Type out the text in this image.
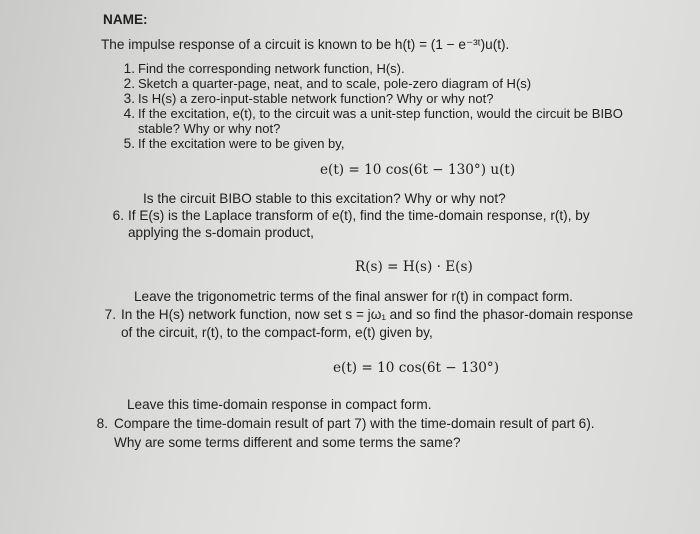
NAME:
The impulse response of a circuit is known to be h(t) = (1 − e⁻³ᵗ)u(t).
1. Find the corresponding network function, H(s).
2. Sketch a quarter-page, neat, and to scale, pole-zero diagram of H(s)
3. Is H(s) a zero-input-stable network function? Why or why not?
4. If the excitation, e(t), to the circuit was a unit-step function, would the circuit be BIBO
stable? Why or why not?
5. If the excitation were to be given by,
e(t) = 10 cos(6t − 130°) u(t)
Is the circuit BIBO stable to this excitation? Why or why not?
6. If E(s) is the Laplace transform of e(t), find the time-domain response, r(t), by
applying the s-domain product,
R(s) = H(s) · E(s)
Leave the trigonometric terms of the final answer for r(t) in compact form.
7. In the H(s) network function, now set s = jω₁ and so find the phasor-domain response
of the circuit, r(t), to the compact-form, e(t) given by,
e(t) = 10 cos(6t − 130°)
Leave this time-domain response in compact form.
8. Compare the time-domain result of part 7) with the time-domain result of part 6).
Why are some terms different and some terms the same?
